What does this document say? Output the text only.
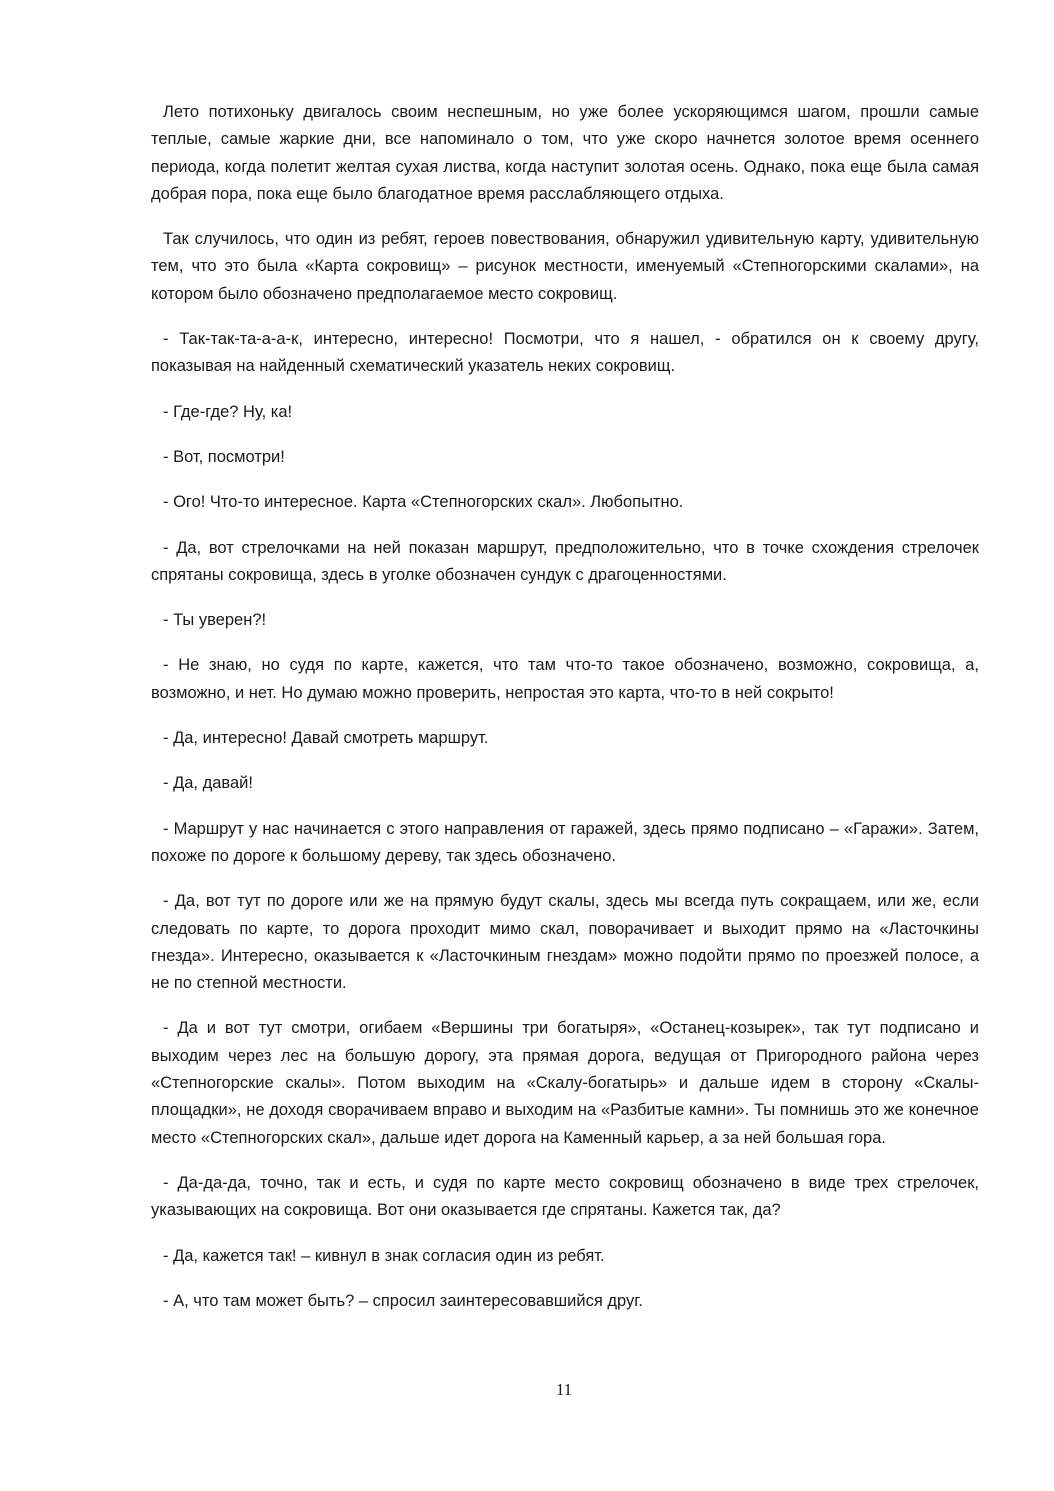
Лето потихоньку двигалось своим неспешным, но уже более ускоряющимся шагом, прошли самые теплые, самые жаркие дни, все напоминало о том, что уже скоро начнется золотое время осеннего периода, когда полетит желтая сухая листва, когда наступит золотая осень. Однако, пока еще была самая добрая пора, пока еще было благодатное время расслабляющего отдыха.

Так случилось, что один из ребят, героев повествования, обнаружил удивительную карту, удивительную тем, что это была «Карта сокровищ» – рисунок местности, именуемый «Степногорскими скалами», на котором было обозначено предполагаемое место сокровищ.

- Так-так-та-а-а-к, интересно, интересно! Посмотри, что я нашел, - обратился он к своему другу, показывая на найденный схематический указатель неких сокровищ.

- Где-где? Ну, ка!

- Вот, посмотри!

- Ого! Что-то интересное. Карта «Степногорских скал». Любопытно.

- Да, вот стрелочками на ней показан маршрут, предположительно, что в точке схождения стрелочек спрятаны сокровища, здесь в уголке обозначен сундук с драгоценностями.

- Ты уверен?!

- Не знаю, но судя по карте, кажется, что там что-то такое обозначено, возможно, сокровища, а, возможно, и нет. Но думаю можно проверить, непростая это карта, что-то в ней сокрыто!

- Да, интересно! Давай смотреть маршрут.

- Да, давай!

- Маршрут у нас начинается с этого направления от гаражей, здесь прямо подписано – «Гаражи». Затем, похоже по дороге к большому дереву, так здесь обозначено.

- Да, вот тут по дороге или же на прямую будут скалы, здесь мы всегда путь сокращаем, или же, если следовать по карте, то дорога проходит мимо скал, поворачивает и выходит прямо на «Ласточкины гнезда». Интересно, оказывается к «Ласточкиным гнездам» можно подойти прямо по проезжей полосе, а не по степной местности.

- Да и вот тут смотри, огибаем «Вершины три богатыря», «Останец-козырек», так тут подписано и выходим через лес на большую дорогу, эта прямая дорога, ведущая от Пригородного района через «Степногорские скалы». Потом выходим на «Скалу-богатырь» и дальше идем в сторону «Скалы-площадки», не доходя сворачиваем вправо и выходим на «Разбитые камни». Ты помнишь это же конечное место «Степногорских скал», дальше идет дорога на Каменный карьер, а за ней большая гора.

- Да-да-да, точно, так и есть, и судя по карте место сокровищ обозначено в виде трех стрелочек, указывающих на сокровища. Вот они оказывается где спрятаны. Кажется так, да?

- Да, кажется так! – кивнул в знак согласия один из ребят.

- А, что там может быть? – спросил заинтересовавшийся друг.

11
